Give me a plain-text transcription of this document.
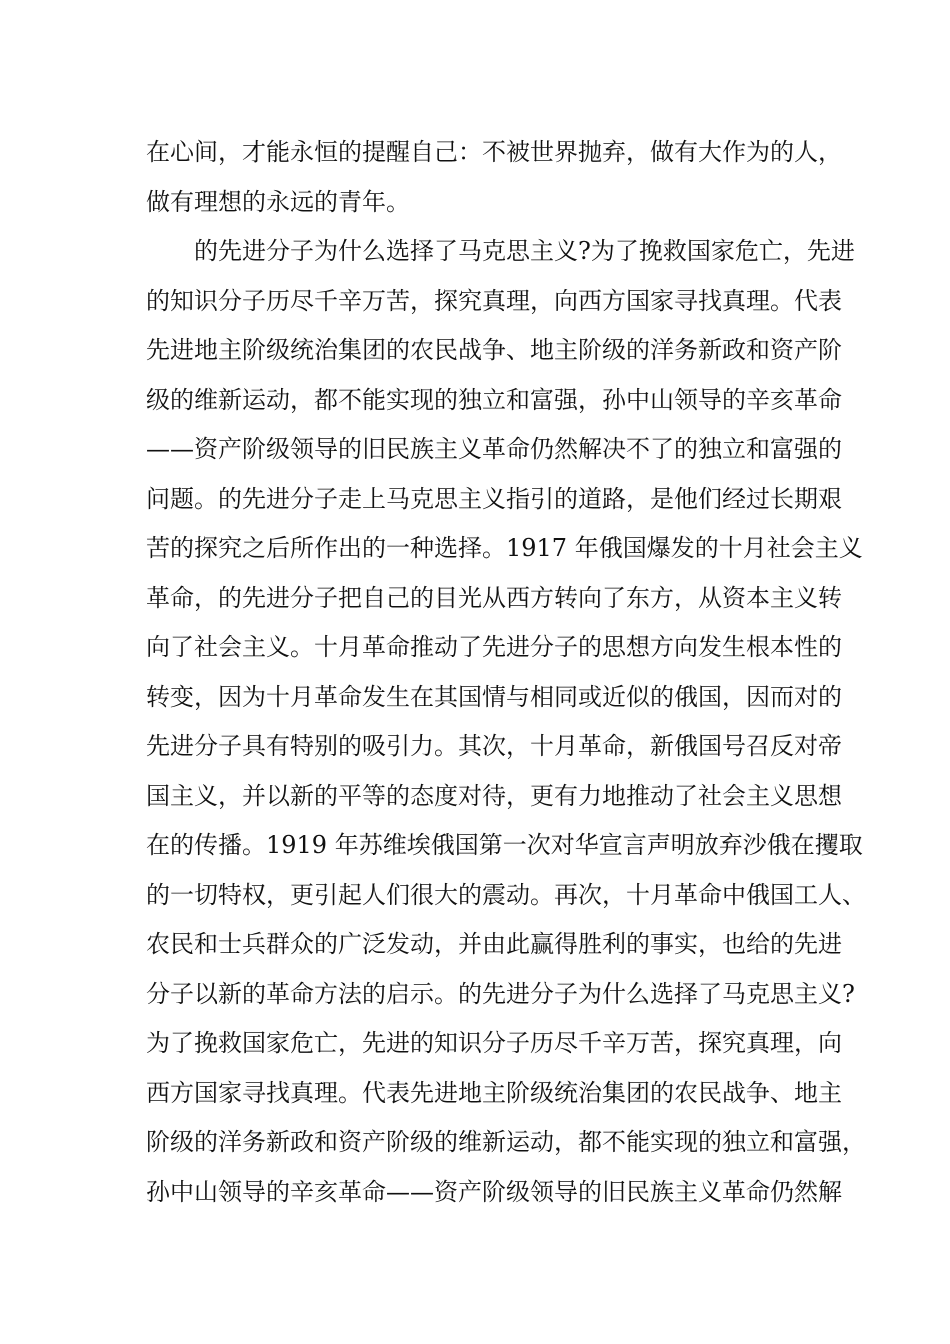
在心间，才能永恒的提醒自己：不被世界抛弃，做有大作为的人，
做有理想的永远的青年。
　　的先进分子为什么选择了马克思主义?为了挽救国家危亡，先进
的知识分子历尽千辛万苦，探究真理，向西方国家寻找真理。代表
先进地主阶级统治集团的农民战争、地主阶级的洋务新政和资产阶
级的维新运动，都不能实现的独立和富强，孙中山领导的辛亥革命
——资产阶级领导的旧民族主义革命仍然解决不了的独立和富强的
问题。的先进分子走上马克思主义指引的道路，是他们经过长期艰
苦的探究之后所作出的一种选择。1917 年俄国爆发的十月社会主义
革命，的先进分子把自己的目光从西方转向了东方，从资本主义转
向了社会主义。十月革命推动了先进分子的思想方向发生根本性的
转变，因为十月革命发生在其国情与相同或近似的俄国，因而对的
先进分子具有特别的吸引力。其次，十月革命，新俄国号召反对帝
国主义，并以新的平等的态度对待，更有力地推动了社会主义思想
在的传播。1919 年苏维埃俄国第一次对华宣言声明放弃沙俄在攫取
的一切特权，更引起人们很大的震动。再次，十月革命中俄国工人、
农民和士兵群众的广泛发动，并由此赢得胜利的事实，也给的先进
分子以新的革命方法的启示。的先进分子为什么选择了马克思主义?
为了挽救国家危亡，先进的知识分子历尽千辛万苦，探究真理，向
西方国家寻找真理。代表先进地主阶级统治集团的农民战争、地主
阶级的洋务新政和资产阶级的维新运动，都不能实现的独立和富强，
孙中山领导的辛亥革命——资产阶级领导的旧民族主义革命仍然解
